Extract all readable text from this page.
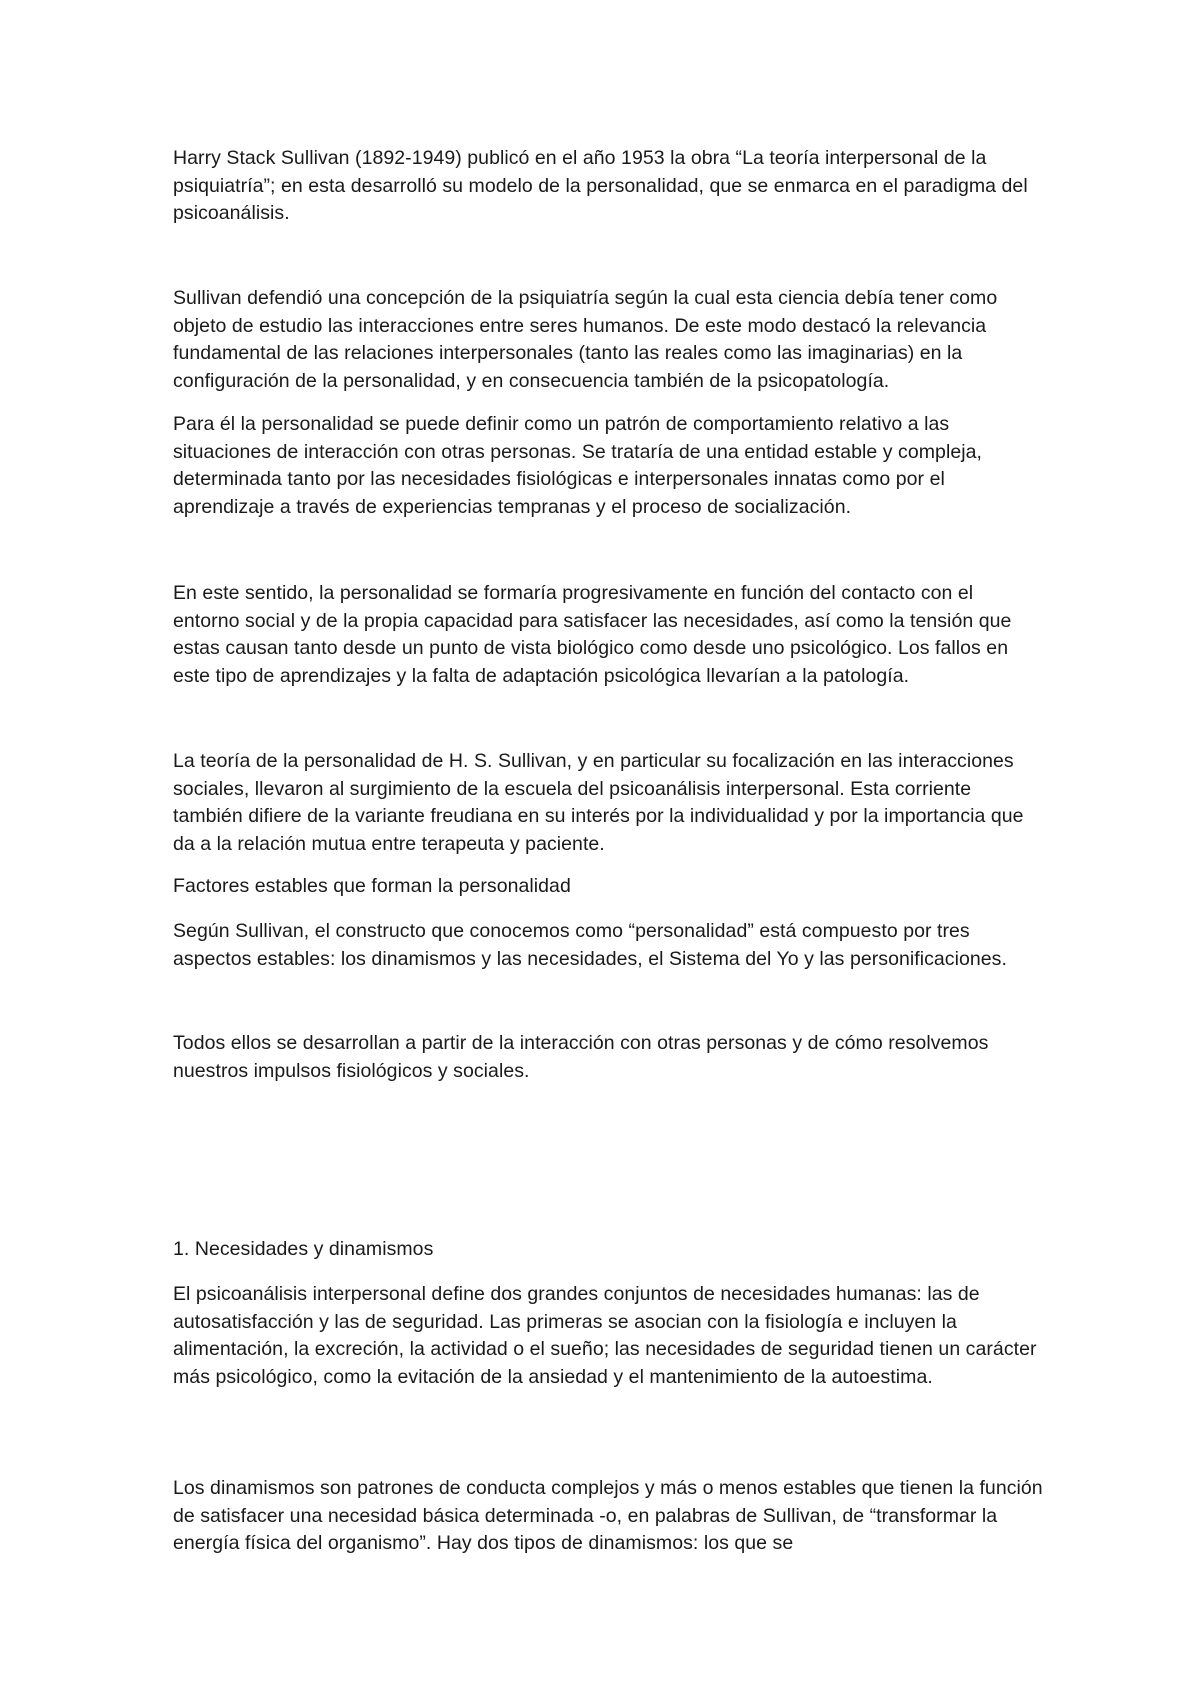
Harry Stack Sullivan (1892-1949) publicó en el año 1953 la obra “La teoría interpersonal de la psiquiatría”; en esta desarrolló su modelo de la personalidad, que se enmarca en el paradigma del psicoanálisis.

Sullivan defendió una concepción de la psiquiatría según la cual esta ciencia debía tener como objeto de estudio las interacciones entre seres humanos. De este modo destacó la relevancia fundamental de las relaciones interpersonales (tanto las reales como las imaginarias) en la configuración de la personalidad, y en consecuencia también de la psicopatología.

Para él la personalidad se puede definir como un patrón de comportamiento relativo a las situaciones de interacción con otras personas. Se trataría de una entidad estable y compleja, determinada tanto por las necesidades fisiológicas e interpersonales innatas como por el aprendizaje a través de experiencias tempranas y el proceso de socialización.

En este sentido, la personalidad se formaría progresivamente en función del contacto con el entorno social y de la propia capacidad para satisfacer las necesidades, así como la tensión que estas causan tanto desde un punto de vista biológico como desde uno psicológico. Los fallos en este tipo de aprendizajes y la falta de adaptación psicológica llevarían a la patología.

La teoría de la personalidad de H. S. Sullivan, y en particular su focalización en las interacciones sociales, llevaron al surgimiento de la escuela del psicoanálisis interpersonal. Esta corriente también difiere de la variante freudiana en su interés por la individualidad y por la importancia que da a la relación mutua entre terapeuta y paciente.

Factores estables que forman la personalidad

Según Sullivan, el constructo que conocemos como “personalidad” está compuesto por tres aspectos estables: los dinamismos y las necesidades, el Sistema del Yo y las personificaciones.

Todos ellos se desarrollan a partir de la interacción con otras personas y de cómo resolvemos nuestros impulsos fisiológicos y sociales.

1. Necesidades y dinamismos

El psicoanálisis interpersonal define dos grandes conjuntos de necesidades humanas: las de autosatisfacción y las de seguridad. Las primeras se asocian con la fisiología e incluyen la alimentación, la excreción, la actividad o el sueño; las necesidades de seguridad tienen un carácter más psicológico, como la evitación de la ansiedad y el mantenimiento de la autoestima.

Los dinamismos son patrones de conducta complejos y más o menos estables que tienen la función de satisfacer una necesidad básica determinada -o, en palabras de Sullivan, de “transformar la energía física del organismo”. Hay dos tipos de dinamismos: los que se
